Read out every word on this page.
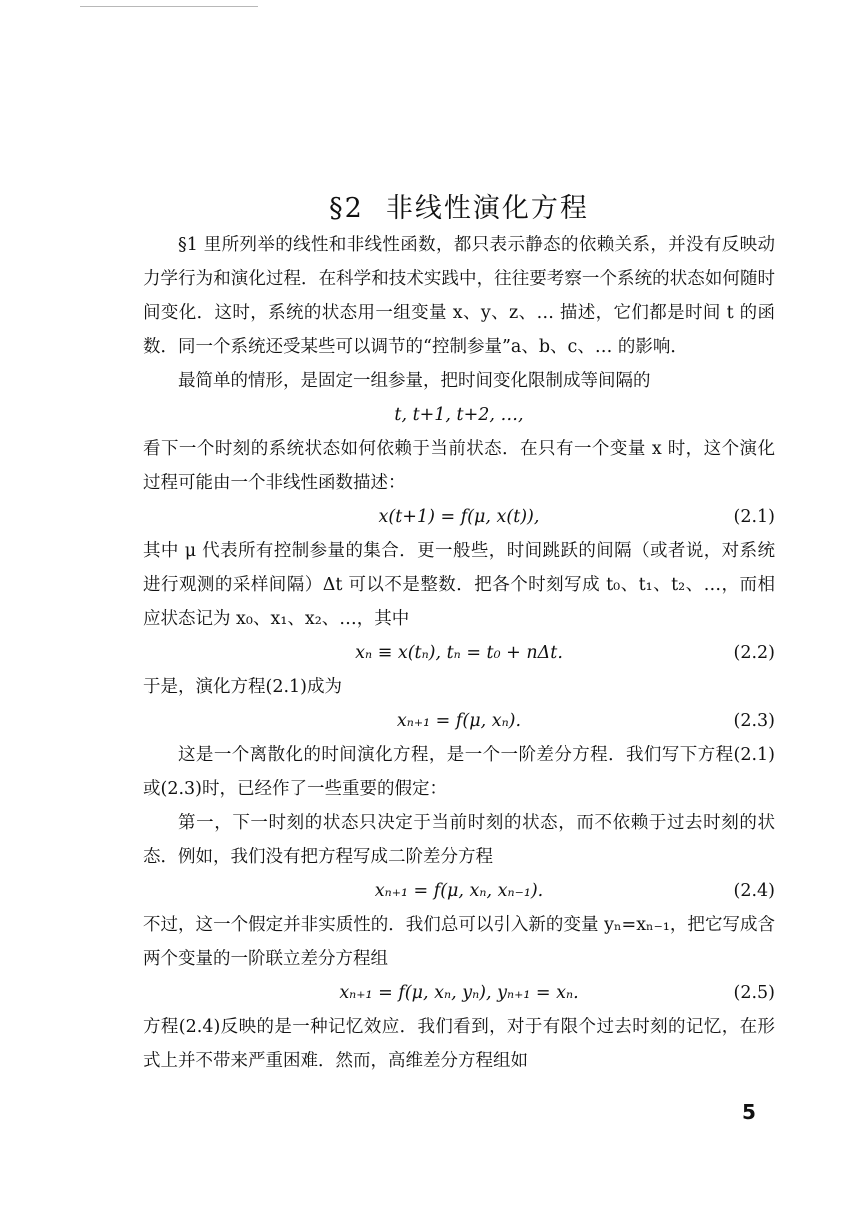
§2 非线性演化方程

§1 里所列举的线性和非线性函数，都只表示静态的依赖关系，并没有反映动力学行为和演化过程．在科学和技术实践中，往往要考察一个系统的状态如何随时间变化．这时，系统的状态用一组变量 x、y、z、… 描述，它们都是时间 t 的函数．同一个系统还受某些可以调节的“控制参量”a、b、c、… 的影响．

最简单的情形，是固定一组参量，把时间变化限制成等间隔的

t, t+1, t+2, …,

看下一个时刻的系统状态如何依赖于当前状态．在只有一个变量 x 时，这个演化过程可能由一个非线性函数描述：

x(t+1) = f(μ, x(t)),	(2.1)

其中 μ 代表所有控制参量的集合．更一般些，时间跳跃的间隔（或者说，对系统进行观测的采样间隔）Δt 可以不是整数．把各个时刻写成 t₀、t₁、t₂、…，而相应状态记为 x₀、x₁、x₂、…，其中

xₙ ≡ x(tₙ), tₙ = t₀ + nΔt.	(2.2)

于是，演化方程(2.1)成为

xₙ₊₁ = f(μ, xₙ).	(2.3)

这是一个离散化的时间演化方程，是一个一阶差分方程．我们写下方程(2.1)或(2.3)时，已经作了一些重要的假定：

第一，下一时刻的状态只决定于当前时刻的状态，而不依赖于过去时刻的状态．例如，我们没有把方程写成二阶差分方程

xₙ₊₁ = f(μ, xₙ, xₙ₋₁).	(2.4)

不过，这一个假定并非实质性的．我们总可以引入新的变量 yₙ=xₙ₋₁，把它写成含两个变量的一阶联立差分方程组

xₙ₊₁ = f(μ, xₙ, yₙ), yₙ₊₁ = xₙ.	(2.5)

方程(2.4)反映的是一种记忆效应．我们看到，对于有限个过去时刻的记忆，在形式上并不带来严重困难．然而，高维差分方程组如

5
